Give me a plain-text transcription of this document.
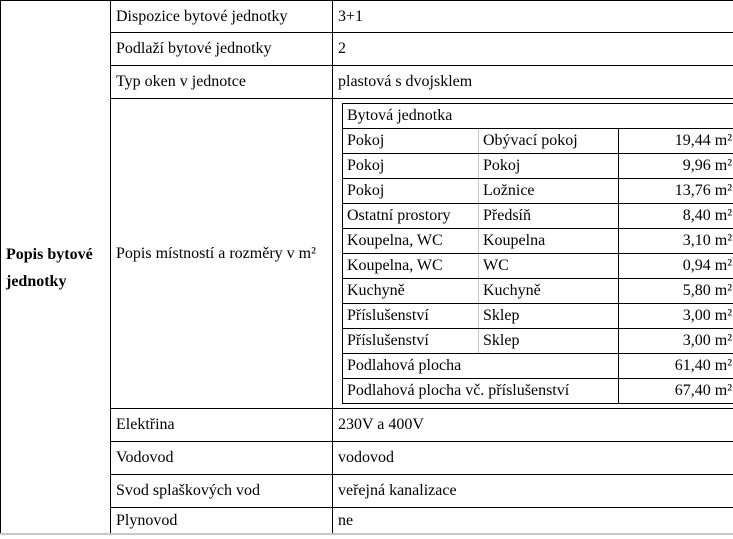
Popis bytové jednotky	Dispozice bytové jednotky	3+1
Podlaží bytové jednotky	2
Typ oken v jednotce	plastová s dvojsklem
Popis místností a rozměry v m²	
Bytová jednotka
Pokoj	Obývací pokoj	19,44 m²
Pokoj	Pokoj	9,96 m²
Pokoj	Ložnice	13,76 m²
Ostatní prostory	Předsíň	8,40 m²
Koupelna, WC	Koupelna	3,10 m²
Koupelna, WC	WC	0,94 m²
Kuchyně	Kuchyně	5,80 m²
Příslušenství	Sklep	3,00 m²
Příslušenství	Sklep	3,00 m²
Podlahová plocha	61,40 m²
Podlahová plocha vč. příslušenství	67,40 m²

Elektřina	230V a 400V
Vodovod	vodovod
Svod splaškových vod	veřejná kanalizace
Plynovod	ne
